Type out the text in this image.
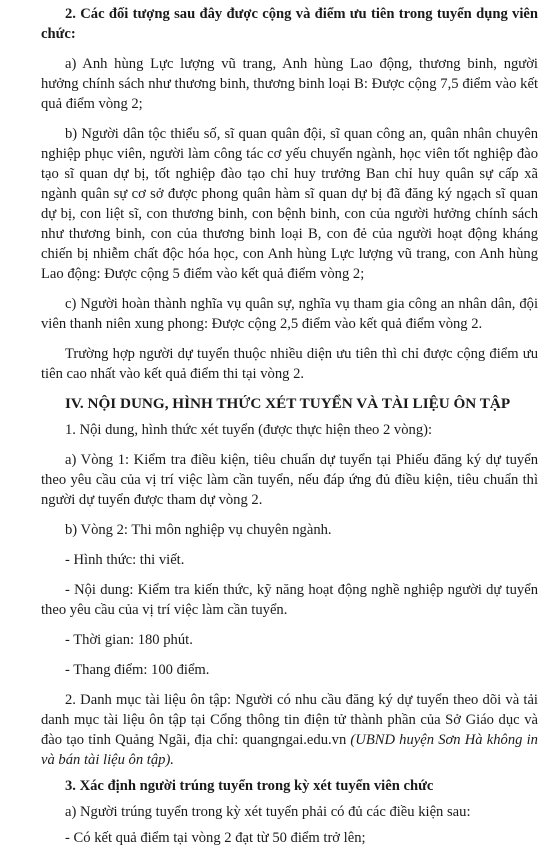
2. Các đối tượng sau đây được cộng và điểm ưu tiên trong tuyển dụng viên chức:

a) Anh hùng Lực lượng vũ trang, Anh hùng Lao động, thương binh, người hưởng chính sách như thương binh, thương binh loại B: Được cộng 7,5 điểm vào kết quả điểm vòng 2;

b) Người dân tộc thiểu số, sĩ quan quân đội, sĩ quan công an, quân nhân chuyên nghiệp phục viên, người làm công tác cơ yếu chuyển ngành, học viên tốt nghiệp đào tạo sĩ quan dự bị, tốt nghiệp đào tạo chỉ huy trưởng Ban chỉ huy quân sự cấp xã ngành quân sự cơ sở được phong quân hàm sĩ quan dự bị đã đăng ký ngạch sĩ quan dự bị, con liệt sĩ, con thương binh, con bệnh binh, con của người hưởng chính sách như thương binh, con của thương binh loại B, con đẻ của người hoạt động kháng chiến bị nhiễm chất độc hóa học, con Anh hùng Lực lượng vũ trang, con Anh hùng Lao động: Được cộng 5 điểm vào kết quả điểm vòng 2;

c) Người hoàn thành nghĩa vụ quân sự, nghĩa vụ tham gia công an nhân dân, đội viên thanh niên xung phong: Được cộng 2,5 điểm vào kết quả điểm vòng 2.

Trường hợp người dự tuyển thuộc nhiều diện ưu tiên thì chỉ được cộng điểm ưu tiên cao nhất vào kết quả điểm thi tại vòng 2.

IV. NỘI DUNG, HÌNH THỨC XÉT TUYỂN VÀ TÀI LIỆU ÔN TẬP

1. Nội dung, hình thức xét tuyển (được thực hiện theo 2 vòng):

a) Vòng 1: Kiểm tra điều kiện, tiêu chuẩn dự tuyển tại Phiếu đăng ký dự tuyển theo yêu cầu của vị trí việc làm cần tuyển, nếu đáp ứng đủ điều kiện, tiêu chuẩn thì người dự tuyển được tham dự vòng 2.

b) Vòng 2: Thi môn nghiệp vụ chuyên ngành.

- Hình thức: thi viết.

- Nội dung: Kiểm tra kiến thức, kỹ năng hoạt động nghề nghiệp người dự tuyển theo yêu cầu của vị trí việc làm cần tuyển.

- Thời gian: 180 phút.

- Thang điểm: 100 điểm.

2. Danh mục tài liệu ôn tập: Người có nhu cầu đăng ký dự tuyển theo dõi và tải danh mục tài liệu ôn tập tại Cổng thông tin điện tử thành phần của Sở Giáo dục và đào tạo tỉnh Quảng Ngãi, địa chỉ: quangngai.edu.vn (UBND huyện Sơn Hà không in và bán tài liệu ôn tập).

3. Xác định người trúng tuyển trong kỳ xét tuyển viên chức

a) Người trúng tuyển trong kỳ xét tuyển phải có đủ các điều kiện sau:

- Có kết quả điểm tại vòng 2 đạt từ 50 điểm trở lên;
